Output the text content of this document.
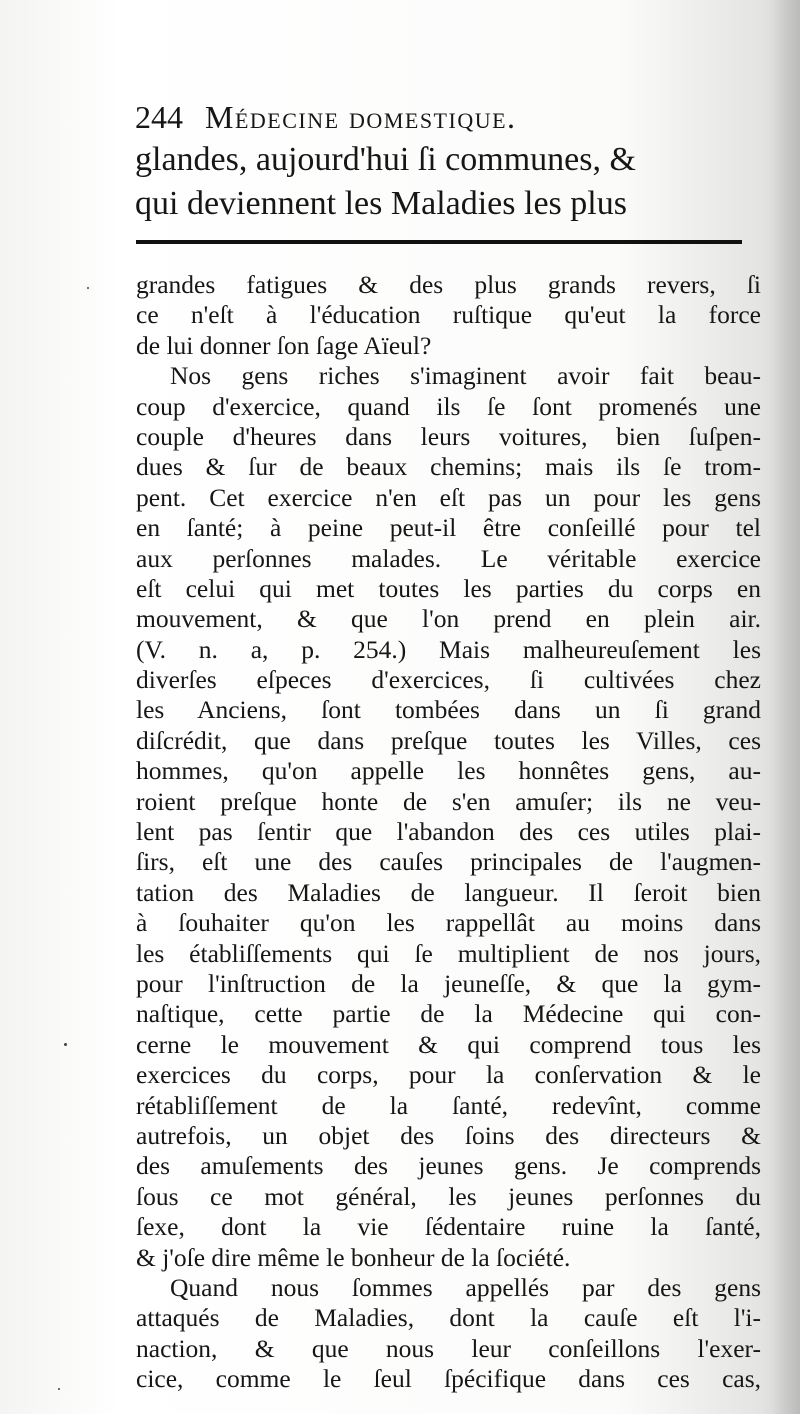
244 Médecine domestique.
glandes, aujourd'hui ſi communes, &
qui deviennent les Maladies les plus
grandes fatigues & des plus grands revers, ſi
ce n'eſt à l'éducation ruſtique qu'eut la force
de lui donner ſon ſage Aïeul?
Nos gens riches s'imaginent avoir fait beau-
coup d'exercice, quand ils ſe ſont promenés une
couple d'heures dans leurs voitures, bien ſuſpen-
dues & ſur de beaux chemins; mais ils ſe trom-
pent. Cet exercice n'en eſt pas un pour les gens
en ſanté; à peine peut-il être conſeillé pour tel
aux perſonnes malades. Le véritable exercice
eſt celui qui met toutes les parties du corps en
mouvement, & que l'on prend en plein air.
(V. n. a, p. 254.) Mais malheureuſement les
diverſes eſpeces d'exercices, ſi cultivées chez
les Anciens, ſont tombées dans un ſi grand
diſcrédit, que dans preſque toutes les Villes, ces
hommes, qu'on appelle les honnêtes gens, au-
roient preſque honte de s'en amuſer; ils ne veu-
lent pas ſentir que l'abandon des ces utiles plai-
ſirs, eſt une des cauſes principales de l'augmen-
tation des Maladies de langueur. Il ſeroit bien
à ſouhaiter qu'on les rappellât au moins dans
les établiſſements qui ſe multiplient de nos jours,
pour l'inſtruction de la jeuneſſe, & que la gym-
naſtique, cette partie de la Médecine qui con-
cerne le mouvement & qui comprend tous les
exercices du corps, pour la conſervation & le
rétabliſſement de la ſanté, redevînt, comme
autrefois, un objet des ſoins des directeurs &
des amuſements des jeunes gens. Je comprends
ſous ce mot général, les jeunes perſonnes du
ſexe, dont la vie ſédentaire ruine la ſanté,
& j'oſe dire même le bonheur de la ſociété.
Quand nous ſommes appellés par des gens
attaqués de Maladies, dont la cauſe eſt l'i-
naction, & que nous leur conſeillons l'exer-
cice, comme le ſeul ſpécifique dans ces cas,
